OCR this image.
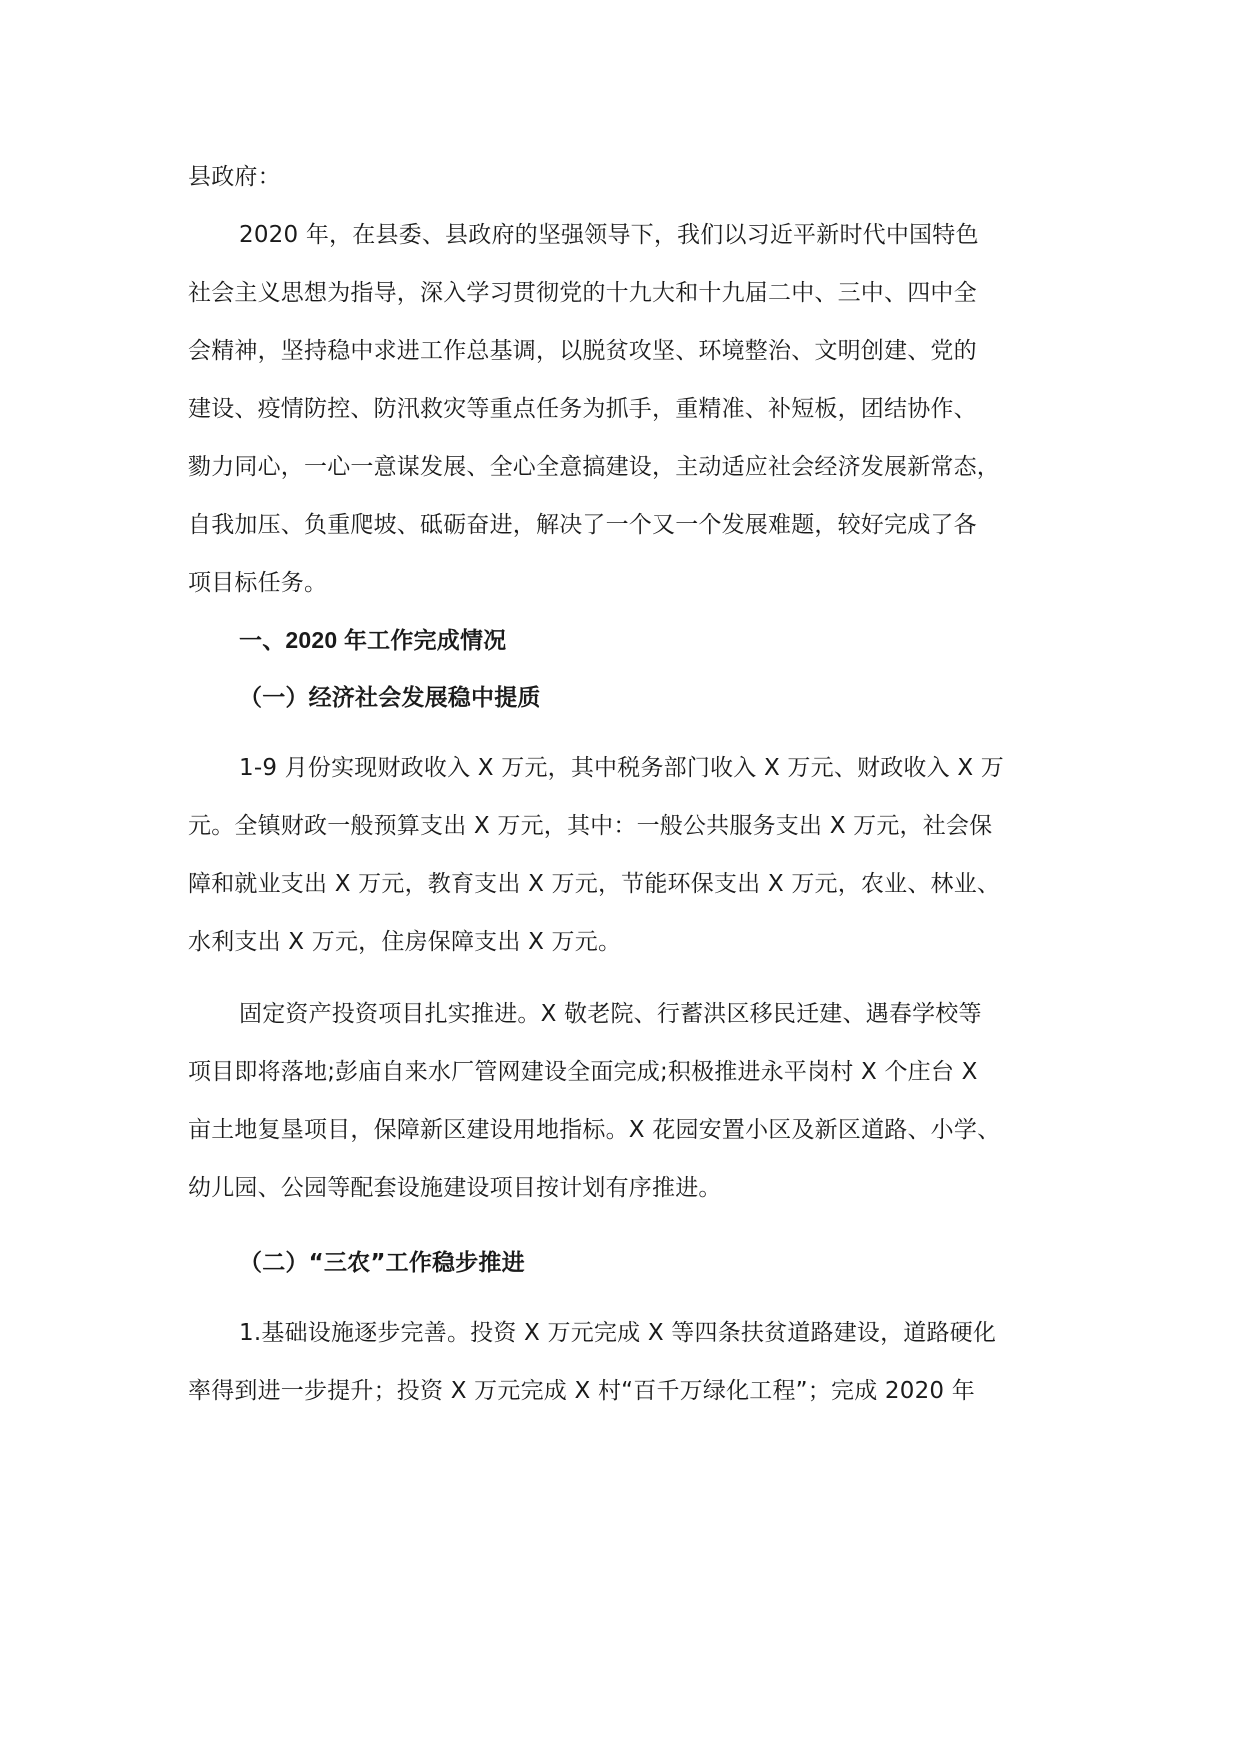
县政府：
2020 年，在县委、县政府的坚强领导下，我们以习近平新时代中国特色
社会主义思想为指导，深入学习贯彻党的十九大和十九届二中、三中、四中全
会精神，坚持稳中求进工作总基调，以脱贫攻坚、环境整治、文明创建、党的
建设、疫情防控、防汛救灾等重点任务为抓手，重精准、补短板，团结协作、
勠力同心，一心一意谋发展、全心全意搞建设，主动适应社会经济发展新常态，
自我加压、负重爬坡、砥砺奋进，解决了一个又一个发展难题，较好完成了各
项目标任务。
一、2020 年工作完成情况
（一）经济社会发展稳中提质
1-9 月份实现财政收入 X 万元，其中税务部门收入 X 万元、财政收入 X 万
元。全镇财政一般预算支出 X 万元，其中：一般公共服务支出 X 万元，社会保
障和就业支出 X 万元，教育支出 X 万元，节能环保支出 X 万元，农业、林业、
水利支出 X 万元，住房保障支出 X 万元。
固定资产投资项目扎实推进。X 敬老院、行蓄洪区移民迁建、遇春学校等
项目即将落地;彭庙自来水厂管网建设全面完成;积极推进永平岗村 X 个庄台 X
亩土地复垦项目，保障新区建设用地指标。X 花园安置小区及新区道路、小学、
幼儿园、公园等配套设施建设项目按计划有序推进。
（二）“三农”工作稳步推进
1.基础设施逐步完善。投资 X 万元完成 X 等四条扶贫道路建设，道路硬化
率得到进一步提升；投资 X 万元完成 X 村“百千万绿化工程”；完成 2020 年
